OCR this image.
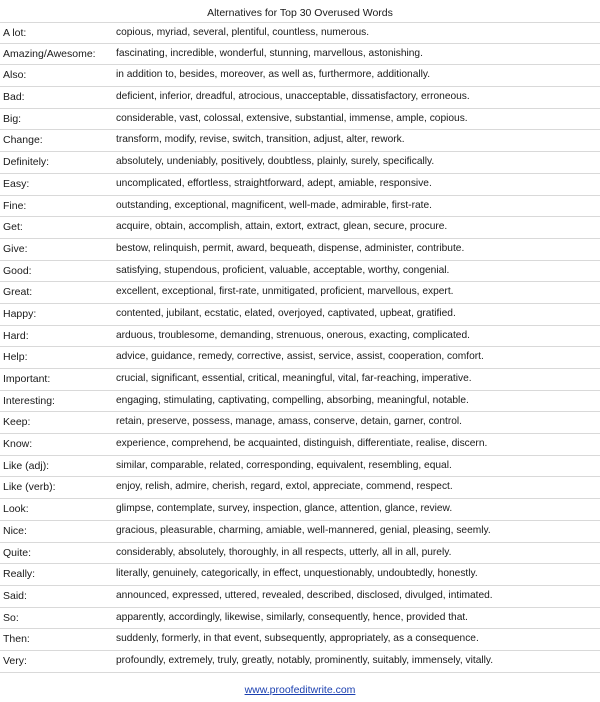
Alternatives for Top 30 Overused Words
A lot:	copious, myriad, several, plentiful, countless, numerous.
Amazing/Awesome: fascinating, incredible, wonderful, stunning, marvellous, astonishing.
Also:	in addition to, besides, moreover, as well as, furthermore, additionally.
Bad:	deficient, inferior, dreadful, atrocious, unacceptable, dissatisfactory, erroneous.
Big:	considerable, vast, colossal, extensive, substantial, immense, ample, copious.
Change:	transform, modify, revise, switch, transition, adjust, alter, rework.
Definitely:	absolutely, undeniably, positively, doubtless, plainly, surely, specifically.
Easy:	uncomplicated, effortless, straightforward, adept, amiable, responsive.
Fine:	outstanding, exceptional, magnificent, well-made, admirable, first-rate.
Get:	acquire, obtain, accomplish, attain, extort, extract, glean, secure, procure.
Give:	bestow, relinquish, permit, award, bequeath, dispense, administer, contribute.
Good:	satisfying, stupendous, proficient, valuable, acceptable, worthy, congenial.
Great:	excellent, exceptional, first-rate, unmitigated, proficient, marvellous, expert.
Happy:	contented, jubilant, ecstatic, elated, overjoyed, captivated, upbeat, gratified.
Hard:	arduous, troublesome, demanding, strenuous, onerous, exacting, complicated.
Help:	advice, guidance, remedy, corrective, assist, service, assist, cooperation, comfort.
Important:	crucial, significant, essential, critical, meaningful, vital, far-reaching, imperative.
Interesting:	engaging, stimulating, captivating, compelling, absorbing, meaningful, notable.
Keep:	retain, preserve, possess, manage, amass, conserve, detain, garner, control.
Know:	experience, comprehend, be acquainted, distinguish, differentiate, realise, discern.
Like (adj):	similar, comparable, related, corresponding, equivalent, resembling, equal.
Like (verb):	enjoy, relish, admire, cherish, regard, extol, appreciate, commend, respect.
Look:	glimpse, contemplate, survey, inspection, glance, attention, glance, review.
Nice:	gracious, pleasurable, charming, amiable, well-mannered, genial, pleasing, seemly.
Quite:	considerably, absolutely, thoroughly, in all respects, utterly, all in all, purely.
Really:	literally, genuinely, categorically, in effect, unquestionably, undoubtedly, honestly.
Said:	announced, expressed, uttered, revealed, described, disclosed, divulged, intimated.
So:	apparently, accordingly, likewise, similarly, consequently, hence, provided that.
Then:	suddenly, formerly, in that event, subsequently, appropriately, as a consequence.
Very:	profoundly, extremely, truly, greatly, notably, prominently, suitably, immensely, vitally.
www.proofeditwrite.com
